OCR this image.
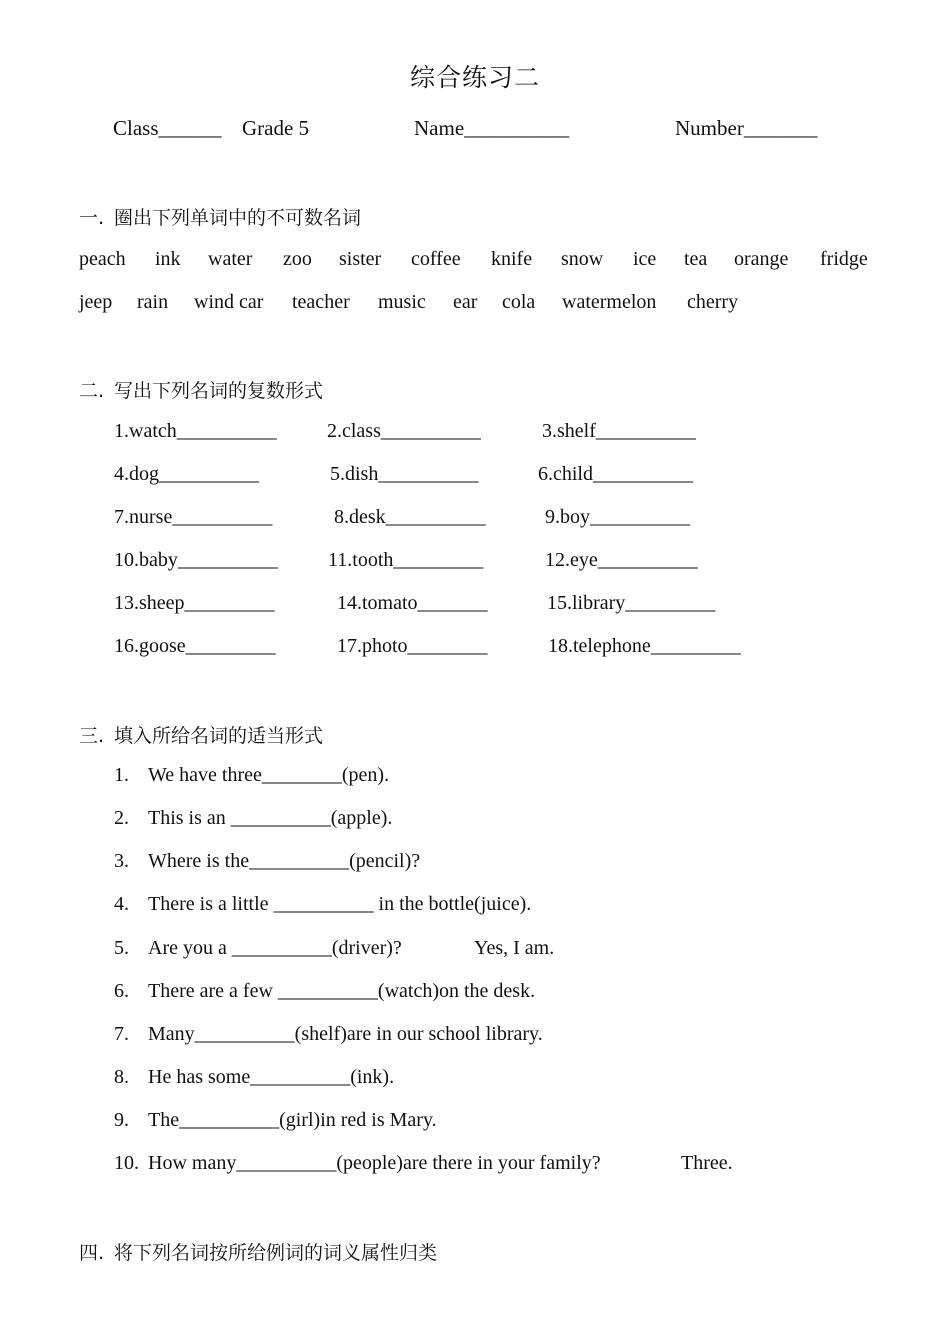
综合练习二
Class______ Grade 5	Name__________	Number_______
一. 圈出下列单词中的不可数名词
peach ink water zoo sister coffee knife snow ice tea orange fridge
jeep rain wind car teacher music ear cola watermelon cherry
二. 写出下列名词的复数形式
1.watch__________	2.class__________	3.shelf__________
4.dog__________	5.dish__________	6.child__________
7.nurse__________	8.desk__________	9.boy__________
10.baby__________	11.tooth_________	12.eye__________
13.sheep_________	14.tomato_______	15.library_________
16.goose_________	17.photo________	18.telephone_________
三. 填入所给名词的适当形式
1. We have three________(pen).
2. This is an __________(apple).
3. Where is the__________(pencil)?
4. There is a little __________ in the bottle(juice).
5. Are you a __________(driver)?	Yes, I am.
6. There are a few __________(watch)on the desk.
7. Many__________(shelf)are in our school library.
8. He has some__________(ink).
9. The__________(girl)in red is Mary.
10. How many__________(people)are there in your family?	Three.
四. 将下列名词按所给例词的词义属性归类
